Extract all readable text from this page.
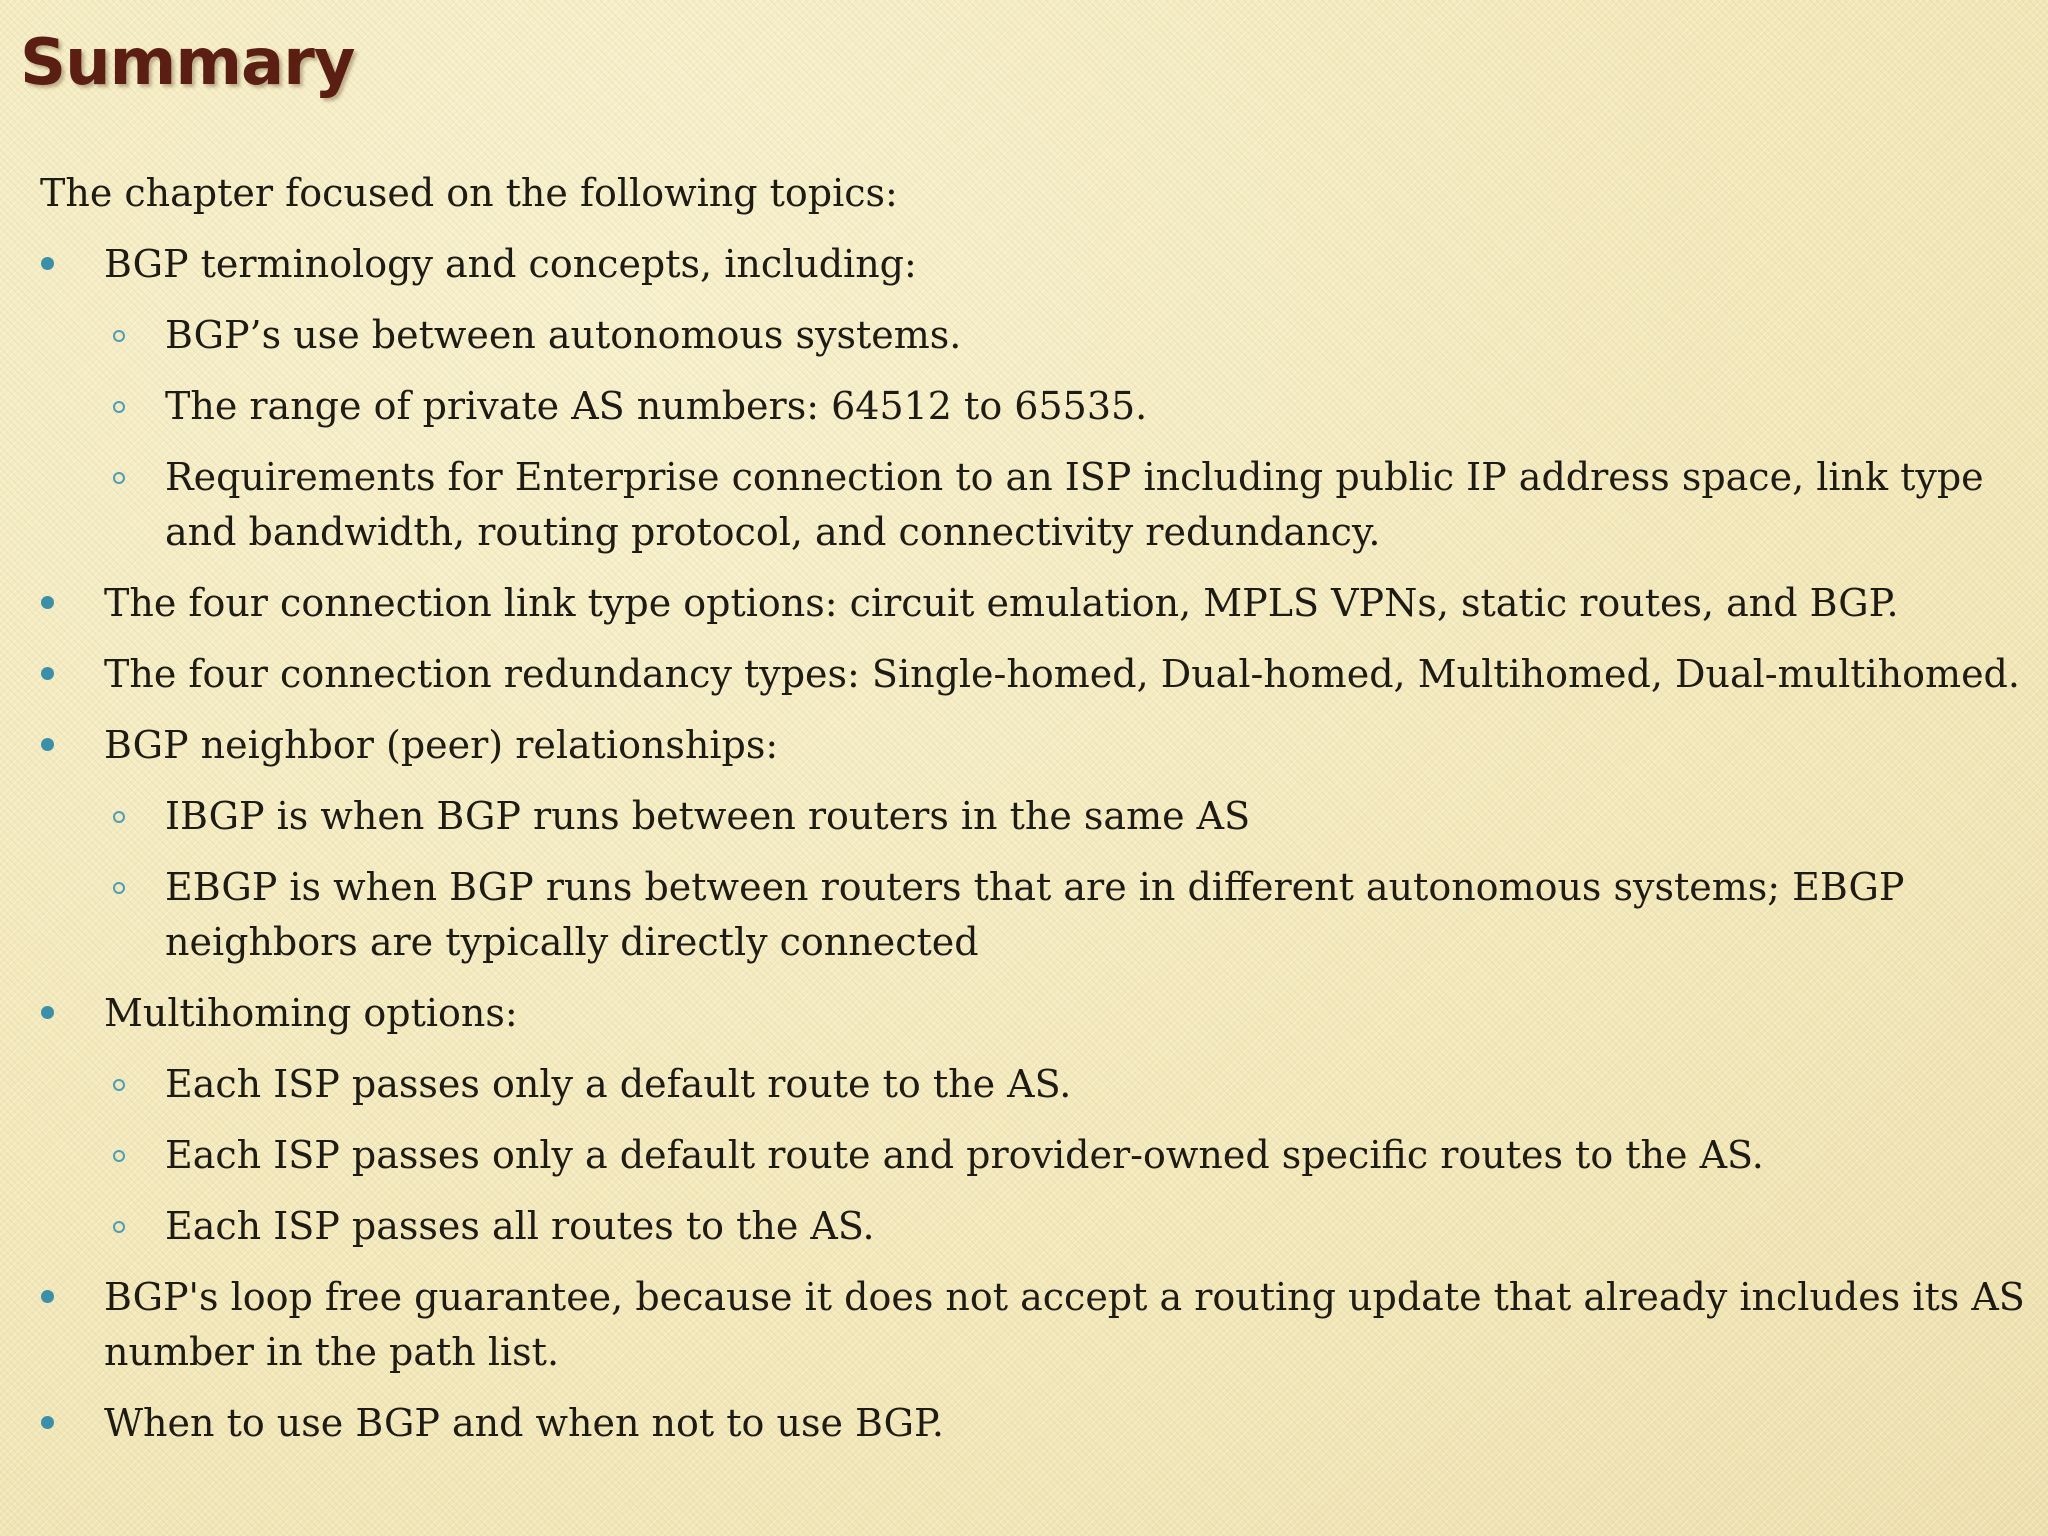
Summary

The chapter focused on the following topics:

BGP terminology and concepts, including:
BGP’s use between autonomous systems.
The range of private AS numbers: 64512 to 65535.
Requirements for Enterprise connection to an ISP including public IP address space, link type and bandwidth, routing protocol, and connectivity redundancy.
The four connection link type options: circuit emulation, MPLS VPNs, static routes, and BGP.
The four connection redundancy types: Single-homed, Dual-homed, Multihomed, Dual-multihomed.
BGP neighbor (peer) relationships:
IBGP is when BGP runs between routers in the same AS
EBGP is when BGP runs between routers that are in different autonomous systems; EBGP neighbors are typically directly connected
Multihoming options:
Each ISP passes only a default route to the AS.
Each ISP passes only a default route and provider-owned specific routes to the AS.
Each ISP passes all routes to the AS.
BGP's loop free guarantee, because it does not accept a routing update that already includes its AS number in the path list.
When to use BGP and when not to use BGP.
